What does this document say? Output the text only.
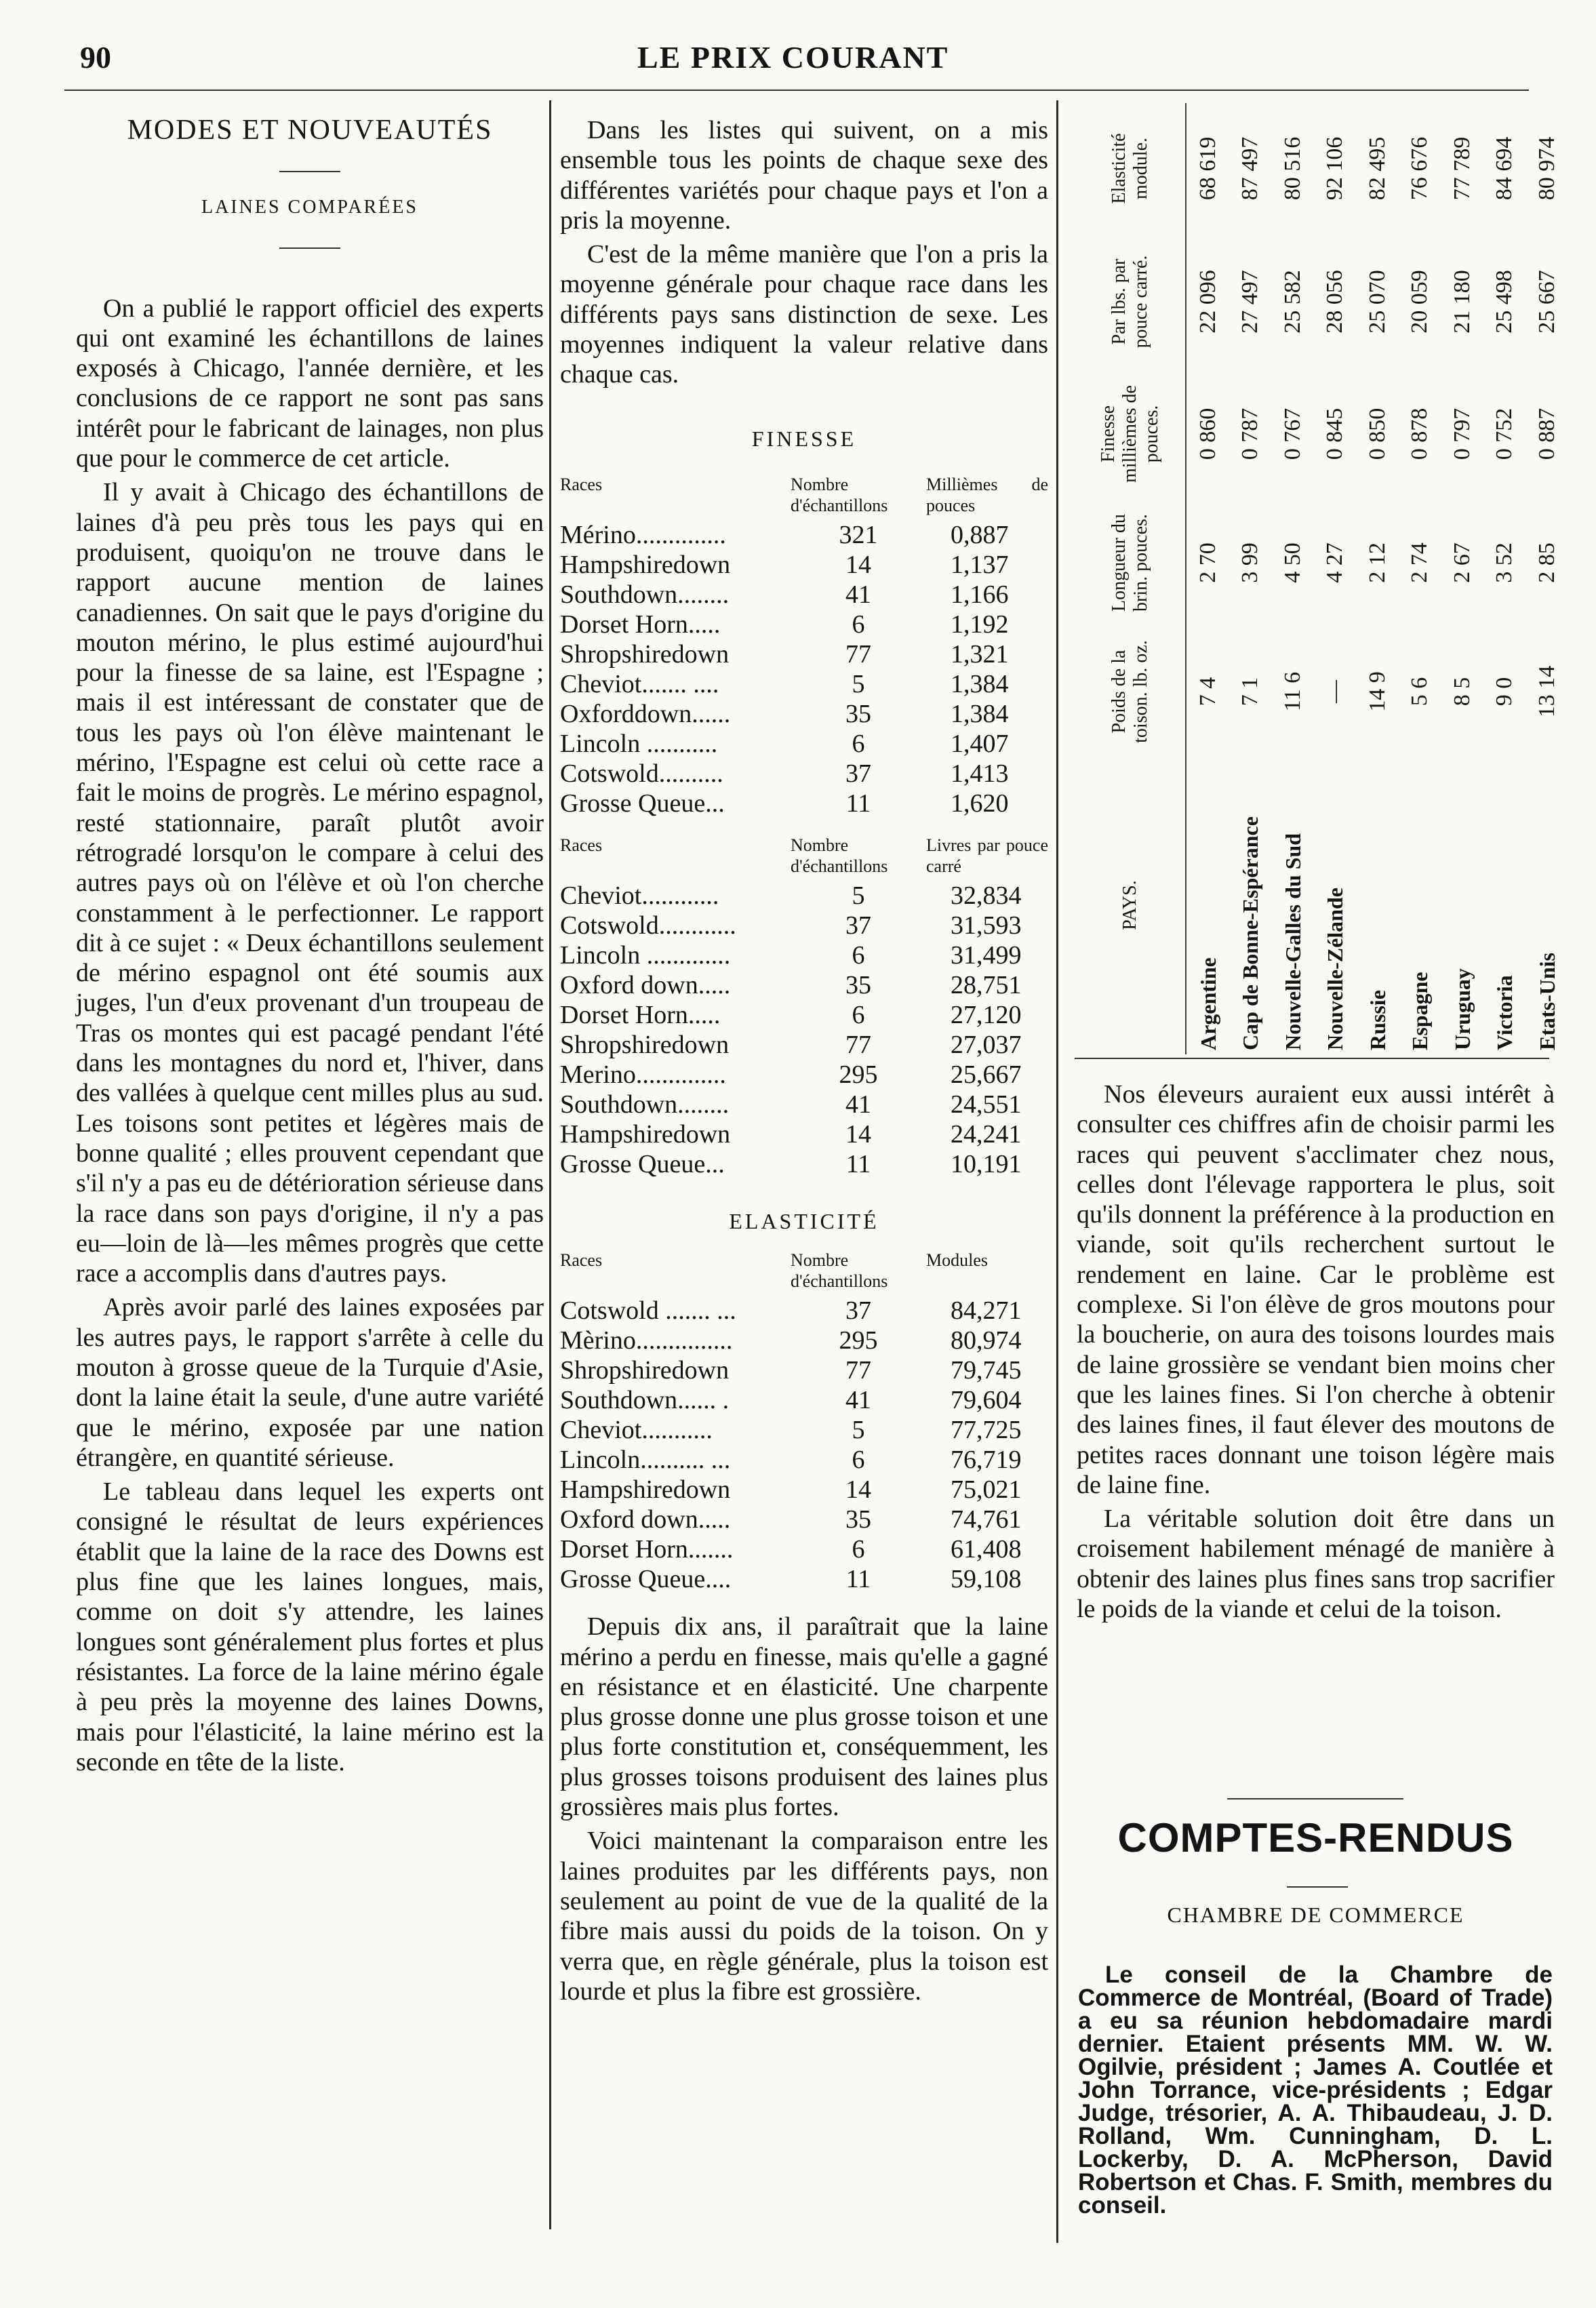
90	LE PRIX COURANT
MODES ET NOUVEAUTÉS
LAINES COMPARÉES

On a publié le rapport officiel des experts qui ont examiné les échantillons de laines exposés à Chicago, l'année dernière, et les conclusions de ce rapport ne sont pas sans intérêt pour le fabricant de lainages, non plus que pour le commerce de cet article.

Il y avait à Chicago des échantillons de laines d'à peu près tous les pays qui en produisent, quoiqu'on ne trouve dans le rapport aucune mention de laines canadiennes. On sait que le pays d'origine du mouton mérino, le plus estimé aujourd'hui pour la finesse de sa laine, est l'Espagne ; mais il est intéressant de constater que de tous les pays où l'on élève maintenant le mérino, l'Espagne est celui où cette race a fait le moins de progrès. Le mérino espagnol, resté stationnaire, paraît plutôt avoir rétrogradé lorsqu'on le compare à celui des autres pays où on l'élève et où l'on cherche constamment à le perfectionner. Le rapport dit à ce sujet : « Deux échantillons seulement de mérino espagnol ont été soumis aux juges, l'un d'eux provenant d'un troupeau de Tras os montes qui est pacagé pendant l'été dans les montagnes du nord et, l'hiver, dans des vallées à quelque cent milles plus au sud. Les toisons sont petites et légères mais de bonne qualité ; elles prouvent cependant que s'il n'y a pas eu de détérioration sérieuse dans la race dans son pays d'origine, il n'y a pas eu—loin de là—les mêmes progrès que cette race a accomplis dans d'autres pays.

Après avoir parlé des laines exposées par les autres pays, le rapport s'arrête à celle du mouton à grosse queue de la Turquie d'Asie, dont la laine était la seule, d'une autre variété que le mérino, exposée par une nation étrangère, en quantité sérieuse.

Le tableau dans lequel les experts ont consigné le résultat de leurs expériences établit que la laine de la race des Downs est plus fine que les laines longues, mais, comme on doit s'y attendre, les laines longues sont généralement plus fortes et plus résistantes. La force de la laine mérino égale à peu près la moyenne des laines Downs, mais pour l'élasticité, la laine mérino est la seconde en tête de la liste.

Dans les listes qui suivent, on a mis ensemble tous les points de chaque sexe des différentes variétés pour chaque pays et l'on a pris la moyenne.

C'est de la même manière que l'on a pris la moyenne générale pour chaque race dans les différents pays sans distinction de sexe. Les moyennes indiquent la valeur relative dans chaque cas.

FINESSE
Races	Nombre d'échantillons	Millièmes de pouces
Mérino..............	321	0,887
Hampshiredown	14	1,137
Southdown........	41	1,166
Dorset Horn.....	6	1,192
Shropshiredown	77	1,321
Cheviot....... ....	5	1,384
Oxforddown......	35	1,384
Lincoln ...........	6	1,407
Cotswold..........	37	1,413
Grosse Queue...	11	1,620
Races	Nombre d'échantillons	Livres par pouce carré
Cheviot............	5	32,834
Cotswold............	37	31,593
Lincoln .............	6	31,499
Oxford down.....	35	28,751
Dorset Horn.....	6	27,120
Shropshiredown	77	27,037
Merino..............	295	25,667
Southdown........	41	24,551
Hampshiredown	14	24,241
Grosse Queue...	11	10,191
ELASTICITÉ
Races	Nombre d'échantillons	Modules
Cotswold ....... ...	37	84,271
Mèrino...............	295	80,974
Shropshiredown	77	79,745
Southdown...... .	41	79,604
Cheviot...........	5	77,725
Lincoln.......... ...	6	76,719
Hampshiredown	14	75,021
Oxford down.....	35	74,761
Dorset Horn.......	6	61,408
Grosse Queue....	11	59,108

Depuis dix ans, il paraîtrait que la laine mérino a perdu en finesse, mais qu'elle a gagné en résistance et en élasticité. Une charpente plus grosse donne une plus grosse toison et une plus forte constitution et, conséquemment, les plus grosses toisons produisent des laines plus grossières mais plus fortes.

Voici maintenant la comparaison entre les laines produites par les différents pays, non seulement au point de vue de la qualité de la fibre mais aussi du poids de la toison. On y verra que, en règle générale, plus la toison est lourde et plus la fibre est grossière.

PAYS.	Poids de la toison. lb. oz.	Longueur du brin. pouces.	Finesse millièmes de pouces.	Par lbs. par pouce carré.	Elasticité module.
Argentine	7 4	2 70	0 860	22 096	68 619
Cap de Bonne-Espérance	7 1	3 99	0 787	27 497	87 497
Nouvelle-Galles du Sud	11 6	4 50	0 767	25 582	80 516
Nouvelle-Zélande	—	4 27	0 845	28 056	92 106
Russie	14 9	2 12	0 850	25 070	82 495
Espagne	5 6	2 74	0 878	20 059	76 676
Uruguay	8 5	2 67	0 797	21 180	77 789
Victoria	9 0	3 52	0 752	25 498	84 694
Etats-Unis	13 14	2 85	0 887	25 667	80 974

Nos éleveurs auraient eux aussi intérêt à consulter ces chiffres afin de choisir parmi les races qui peuvent s'acclimater chez nous, celles dont l'élevage rapportera le plus, soit qu'ils donnent la préférence à la production en viande, soit qu'ils recherchent surtout le rendement en laine. Car le problème est complexe. Si l'on élève de gros moutons pour la boucherie, on aura des toisons lourdes mais de laine grossière se vendant bien moins cher que les laines fines. Si l'on cherche à obtenir des laines fines, il faut élever des moutons de petites races donnant une toison légère mais de laine fine.

La véritable solution doit être dans un croisement habilement ménagé de manière à obtenir des laines plus fines sans trop sacrifier le poids de la viande et celui de la toison.

COMPTES-RENDUS
CHAMBRE DE COMMERCE

Le conseil de la Chambre de Commerce de Montréal, (Board of Trade) a eu sa réunion hebdomadaire mardi dernier. Etaient présents MM. W. W. Ogilvie, président ; James A. Coutlée et John Torrance, vice-présidents ; Edgar Judge, trésorier, A. A. Thibaudeau, J. D. Rolland, Wm. Cunningham, D. L. Lockerby, D. A. McPherson, David Robertson et Chas. F. Smith, membres du conseil.
